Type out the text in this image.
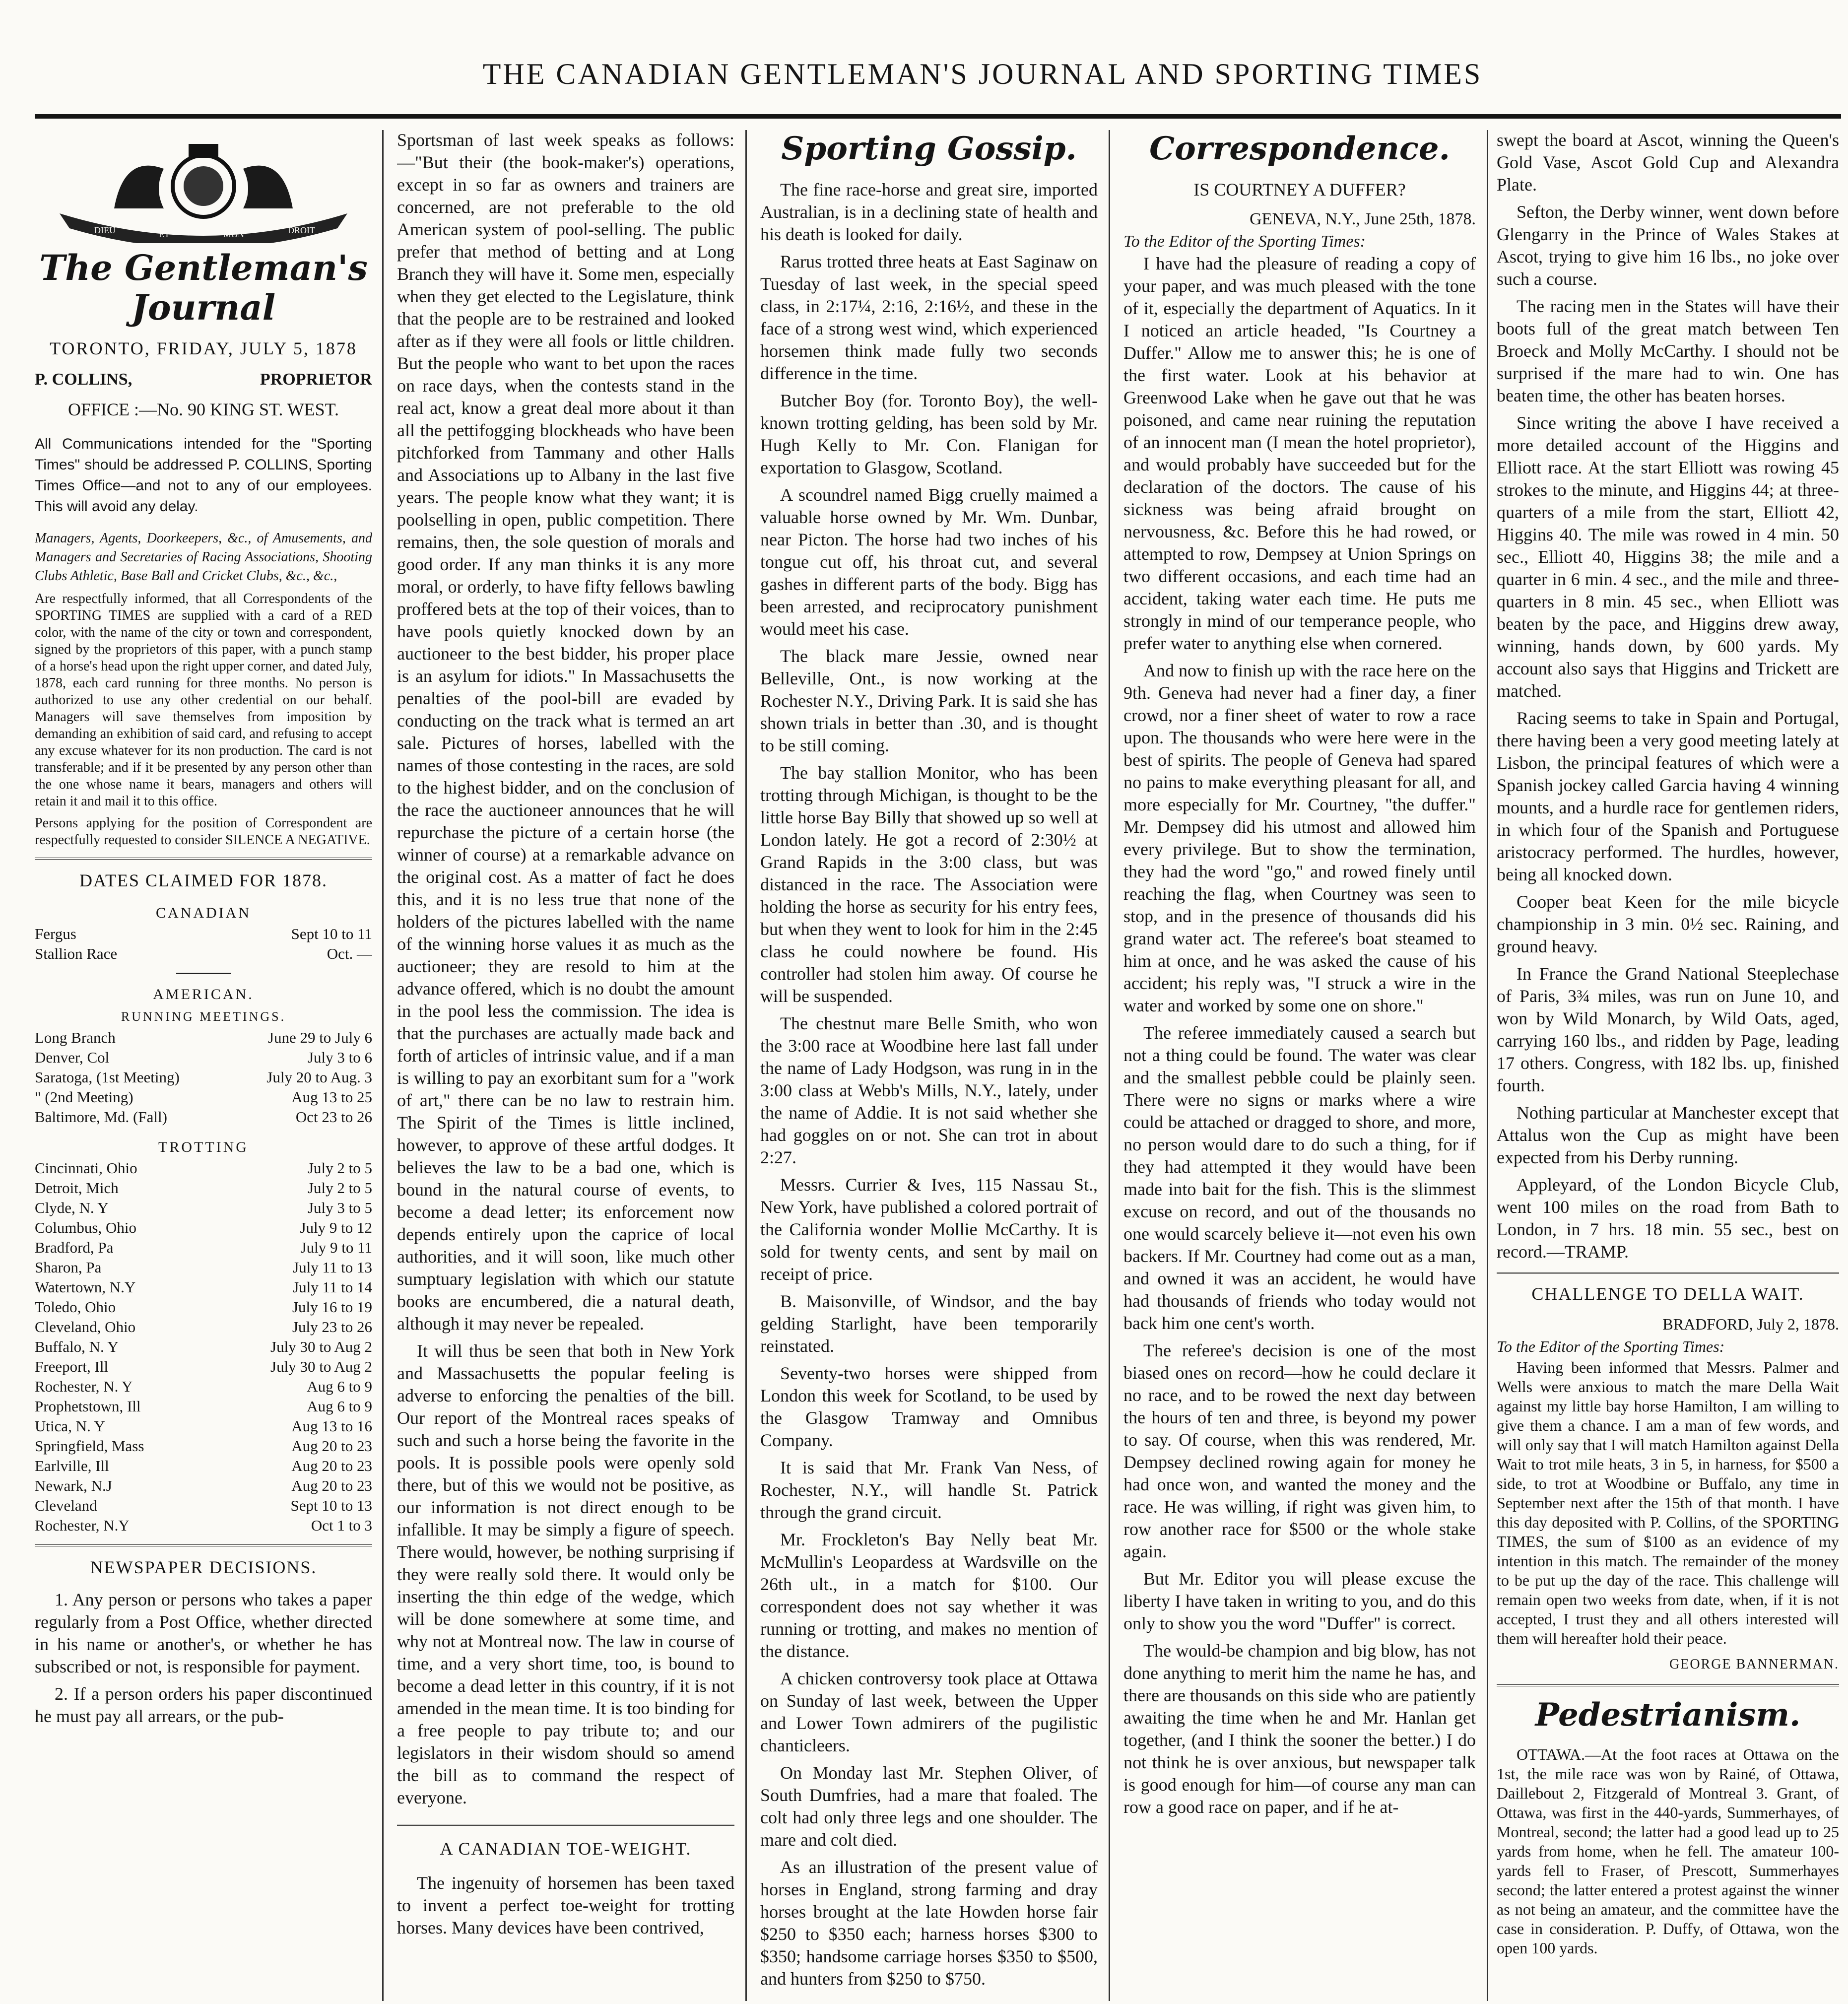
THE CANADIAN GENTLEMAN'S JOURNAL AND SPORTING TIMES
DIEU	ET	MON	DROIT
The Gentleman's Journal
TORONTO, FRIDAY, JULY 5, 1878
P. COLLINS,	PROPRIETOR
OFFICE :—No. 90 KING ST. WEST.

All Communications intended for the "Sporting Times" should be addressed P. COLLINS, Sporting Times Office—and not to any of our employees. This will avoid any delay.

Managers, Agents, Doorkeepers, &c., of Amusements, and Managers and Secretaries of Racing Associations, Shooting Clubs Athletic, Base Ball and Cricket Clubs, &c., &c.,

Are respectfully informed, that all Correspondents of the SPORTING TIMES are supplied with a card of a RED color, with the name of the city or town and correspondent, signed by the proprietors of this paper, with a punch stamp of a horse's head upon the right upper corner, and dated July, 1878, each card running for three months. No person is authorized to use any other credential on our behalf. Managers will save themselves from imposition by demanding an exhibition of said card, and refusing to accept any excuse whatever for its non production. The card is not transferable; and if it be presented by any person other than the one whose name it bears, managers and others will retain it and mail it to this office.

Persons applying for the position of Correspondent are respectfully requested to consider SILENCE A NEGATIVE.

DATES CLAIMED FOR 1878.
CANADIAN
Fergus	Sept 10 to 11
Stallion Race	Oct. —
AMERICAN.
RUNNING MEETINGS.
Long Branch	June 29 to July 6
Denver, Col	July 3 to 6
Saratoga, (1st Meeting)	July 20 to Aug. 3
" (2nd Meeting)	Aug 13 to 25
Baltimore, Md. (Fall)	Oct 23 to 26
TROTTING
Cincinnati, Ohio	July 2 to 5
Detroit, Mich	July 2 to 5
Clyde, N. Y	July 3 to 5
Columbus, Ohio	July 9 to 12
Bradford, Pa	July 9 to 11
Sharon, Pa	July 11 to 13
Watertown, N.Y	July 11 to 14
Toledo, Ohio	July 16 to 19
Cleveland, Ohio	July 23 to 26
Buffalo, N. Y	July 30 to Aug 2
Freeport, Ill	July 30 to Aug 2
Rochester, N. Y	Aug 6 to 9
Prophetstown, Ill	Aug 6 to 9
Utica, N. Y	Aug 13 to 16
Springfield, Mass	Aug 20 to 23
Earlville, Ill	Aug 20 to 23
Newark, N.J	Aug 20 to 23
Cleveland	Sept 10 to 13
Rochester, N.Y	Oct 1 to 3
NEWSPAPER DECISIONS.

1. Any person or persons who takes a paper regularly from a Post Office, whether directed in his name or another's, or whether he has subscribed or not, is responsible for payment.

2. If a person orders his paper discontinued he must pay all arrears, or the pub-

Sportsman of last week speaks as follows:—"But their (the book-maker's) operations, except in so far as owners and trainers are concerned, are not preferable to the old American system of pool-selling. The public prefer that method of betting and at Long Branch they will have it. Some men, especially when they get elected to the Legislature, think that the people are to be restrained and looked after as if they were all fools or little children. But the people who want to bet upon the races on race days, when the contests stand in the real act, know a great deal more about it than all the pettifogging blockheads who have been pitchforked from Tammany and other Halls and Associations up to Albany in the last five years. The people know what they want; it is poolselling in open, public competition. There remains, then, the sole question of morals and good order. If any man thinks it is any more moral, or orderly, to have fifty fellows bawling proffered bets at the top of their voices, than to have pools quietly knocked down by an auctioneer to the best bidder, his proper place is an asylum for idiots." In Massachusetts the penalties of the pool-bill are evaded by conducting on the track what is termed an art sale. Pictures of horses, labelled with the names of those contesting in the races, are sold to the highest bidder, and on the conclusion of the race the auctioneer announces that he will repurchase the picture of a certain horse (the winner of course) at a remarkable advance on the original cost. As a matter of fact he does this, and it is no less true that none of the holders of the pictures labelled with the name of the winning horse values it as much as the auctioneer; they are resold to him at the advance offered, which is no doubt the amount in the pool less the commission. The idea is that the purchases are actually made back and forth of articles of intrinsic value, and if a man is willing to pay an exorbitant sum for a "work of art," there can be no law to restrain him. The Spirit of the Times is little inclined, however, to approve of these artful dodges. It believes the law to be a bad one, which is bound in the natural course of events, to become a dead letter; its enforcement now depends entirely upon the caprice of local authorities, and it will soon, like much other sumptuary legislation with which our statute books are encumbered, die a natural death, although it may never be repealed.

It will thus be seen that both in New York and Massachusetts the popular feeling is adverse to enforcing the penalties of the bill. Our report of the Montreal races speaks of such and such a horse being the favorite in the pools. It is possible pools were openly sold there, but of this we would not be positive, as our information is not direct enough to be infallible. It may be simply a figure of speech. There would, however, be nothing surprising if they were really sold there. It would only be inserting the thin edge of the wedge, which will be done somewhere at some time, and why not at Montreal now. The law in course of time, and a very short time, too, is bound to become a dead letter in this country, if it is not amended in the mean time. It is too binding for a free people to pay tribute to; and our legislators in their wisdom should so amend the bill as to command the respect of everyone.

A CANADIAN TOE-WEIGHT.

The ingenuity of horsemen has been taxed to invent a perfect toe-weight for trotting horses. Many devices have been contrived,

Sporting Gossip.

The fine race-horse and great sire, imported Australian, is in a declining state of health and his death is looked for daily.

Rarus trotted three heats at East Saginaw on Tuesday of last week, in the special speed class, in 2:17¼, 2:16, 2:16½, and these in the face of a strong west wind, which experienced horsemen think made fully two seconds difference in the time.

Butcher Boy (for. Toronto Boy), the well-known trotting gelding, has been sold by Mr. Hugh Kelly to Mr. Con. Flanigan for exportation to Glasgow, Scotland.

A scoundrel named Bigg cruelly maimed a valuable horse owned by Mr. Wm. Dunbar, near Picton. The horse had two inches of his tongue cut off, his throat cut, and several gashes in different parts of the body. Bigg has been arrested, and reciprocatory punishment would meet his case.

The black mare Jessie, owned near Belleville, Ont., is now working at the Rochester N.Y., Driving Park. It is said she has shown trials in better than .30, and is thought to be still coming.

The bay stallion Monitor, who has been trotting through Michigan, is thought to be the little horse Bay Billy that showed up so well at London lately. He got a record of 2:30½ at Grand Rapids in the 3:00 class, but was distanced in the race. The Association were holding the horse as security for his entry fees, but when they went to look for him in the 2:45 class he could nowhere be found. His controller had stolen him away. Of course he will be suspended.

The chestnut mare Belle Smith, who won the 3:00 race at Woodbine here last fall under the name of Lady Hodgson, was rung in in the 3:00 class at Webb's Mills, N.Y., lately, under the name of Addie. It is not said whether she had goggles on or not. She can trot in about 2:27.

Messrs. Currier & Ives, 115 Nassau St., New York, have published a colored portrait of the California wonder Mollie McCarthy. It is sold for twenty cents, and sent by mail on receipt of price.

B. Maisonville, of Windsor, and the bay gelding Starlight, have been temporarily reinstated.

Seventy-two horses were shipped from London this week for Scotland, to be used by the Glasgow Tramway and Omnibus Company.

It is said that Mr. Frank Van Ness, of Rochester, N.Y., will handle St. Patrick through the grand circuit.

Mr. Frockleton's Bay Nelly beat Mr. McMullin's Leopardess at Wardsville on the 26th ult., in a match for $100. Our correspondent does not say whether it was running or trotting, and makes no mention of the distance.

A chicken controversy took place at Ottawa on Sunday of last week, between the Upper and Lower Town admirers of the pugilistic chanticleers.

On Monday last Mr. Stephen Oliver, of South Dumfries, had a mare that foaled. The colt had only three legs and one shoulder. The mare and colt died.

As an illustration of the present value of horses in England, strong farming and dray horses brought at the late Howden horse fair $250 to $350 each; harness horses $300 to $350; handsome carriage horses $350 to $500, and hunters from $250 to $750.

Correspondence.
IS COURTNEY A DUFFER?
GENEVA, N.Y., June 25th, 1878.
To the Editor of the Sporting Times:

I have had the pleasure of reading a copy of your paper, and was much pleased with the tone of it, especially the department of Aquatics. In it I noticed an article headed, "Is Courtney a Duffer." Allow me to answer this; he is one of the first water. Look at his behavior at Greenwood Lake when he gave out that he was poisoned, and came near ruining the reputation of an innocent man (I mean the hotel proprietor), and would probably have succeeded but for the declaration of the doctors. The cause of his sickness was being afraid brought on nervousness, &c. Before this he had rowed, or attempted to row, Dempsey at Union Springs on two different occasions, and each time had an accident, taking water each time. He puts me strongly in mind of our temperance people, who prefer water to anything else when cornered.

And now to finish up with the race here on the 9th. Geneva had never had a finer day, a finer crowd, nor a finer sheet of water to row a race upon. The thousands who were here were in the best of spirits. The people of Geneva had spared no pains to make everything pleasant for all, and more especially for Mr. Courtney, "the duffer." Mr. Dempsey did his utmost and allowed him every privilege. But to show the termination, they had the word "go," and rowed finely until reaching the flag, when Courtney was seen to stop, and in the presence of thousands did his grand water act. The referee's boat steamed to him at once, and he was asked the cause of his accident; his reply was, "I struck a wire in the water and worked by some one on shore."

The referee immediately caused a search but not a thing could be found. The water was clear and the smallest pebble could be plainly seen. There were no signs or marks where a wire could be attached or dragged to shore, and more, no person would dare to do such a thing, for if they had attempted it they would have been made into bait for the fish. This is the slimmest excuse on record, and out of the thousands no one would scarcely believe it—not even his own backers. If Mr. Courtney had come out as a man, and owned it was an accident, he would have had thousands of friends who today would not back him one cent's worth.

The referee's decision is one of the most biased ones on record—how he could declare it no race, and to be rowed the next day between the hours of ten and three, is beyond my power to say. Of course, when this was rendered, Mr. Dempsey declined rowing again for money he had once won, and wanted the money and the race. He was willing, if right was given him, to row another race for $500 or the whole stake again.

But Mr. Editor you will please excuse the liberty I have taken in writing to you, and do this only to show you the word "Duffer" is correct.

The would-be champion and big blow, has not done anything to merit him the name he has, and there are thousands on this side who are patiently awaiting the time when he and Mr. Hanlan get together, (and I think the sooner the better.) I do not think he is over anxious, but newspaper talk is good enough for him—of course any man can row a good race on paper, and if he at-

swept the board at Ascot, winning the Queen's Gold Vase, Ascot Gold Cup and Alexandra Plate.

Sefton, the Derby winner, went down before Glengarry in the Prince of Wales Stakes at Ascot, trying to give him 16 lbs., no joke over such a course.

The racing men in the States will have their boots full of the great match between Ten Broeck and Molly McCarthy. I should not be surprised if the mare had to win. One has beaten time, the other has beaten horses.

Since writing the above I have received a more detailed account of the Higgins and Elliott race. At the start Elliott was rowing 45 strokes to the minute, and Higgins 44; at three-quarters of a mile from the start, Elliott 42, Higgins 40. The mile was rowed in 4 min. 50 sec., Elliott 40, Higgins 38; the mile and a quarter in 6 min. 4 sec., and the mile and three-quarters in 8 min. 45 sec., when Elliott was beaten by the pace, and Higgins drew away, winning, hands down, by 600 yards. My account also says that Higgins and Trickett are matched.

Racing seems to take in Spain and Portugal, there having been a very good meeting lately at Lisbon, the principal features of which were a Spanish jockey called Garcia having 4 winning mounts, and a hurdle race for gentlemen riders, in which four of the Spanish and Portuguese aristocracy performed. The hurdles, however, being all knocked down.

Cooper beat Keen for the mile bicycle championship in 3 min. 0½ sec. Raining, and ground heavy.

In France the Grand National Steeplechase of Paris, 3¾ miles, was run on June 10, and won by Wild Monarch, by Wild Oats, aged, carrying 160 lbs., and ridden by Page, leading 17 others. Congress, with 182 lbs. up, finished fourth.

Nothing particular at Manchester except that Attalus won the Cup as might have been expected from his Derby running.

Appleyard, of the London Bicycle Club, went 100 miles on the road from Bath to London, in 7 hrs. 18 min. 55 sec., best on record.—TRAMP.

CHALLENGE TO DELLA WAIT.
BRADFORD, July 2, 1878.
To the Editor of the Sporting Times:

Having been informed that Messrs. Palmer and Wells were anxious to match the mare Della Wait against my little bay horse Hamilton, I am willing to give them a chance. I am a man of few words, and will only say that I will match Hamilton against Della Wait to trot mile heats, 3 in 5, in harness, for $500 a side, to trot at Woodbine or Buffalo, any time in September next after the 15th of that month. I have this day deposited with P. Collins, of the SPORTING TIMES, the sum of $100 as an evidence of my intention in this match. The remainder of the money to be put up the day of the race. This challenge will remain open two weeks from date, when, if it is not accepted, I trust they and all others interested will them will hereafter hold their peace.

GEORGE BANNERMAN.
Pedestrianism.

OTTAWA.—At the foot races at Ottawa on the 1st, the mile race was won by Rainé, of Ottawa, Daillebout 2, Fitzgerald of Montreal 3. Grant, of Ottawa, was first in the 440-yards, Summerhayes, of Montreal, second; the latter had a good lead up to 25 yards from home, when he fell. The amateur 100-yards fell to Fraser, of Prescott, Summerhayes second; the latter entered a protest against the winner as not being an amateur, and the committee have the case in consideration. P. Duffy, of Ottawa, won the open 100 yards.
